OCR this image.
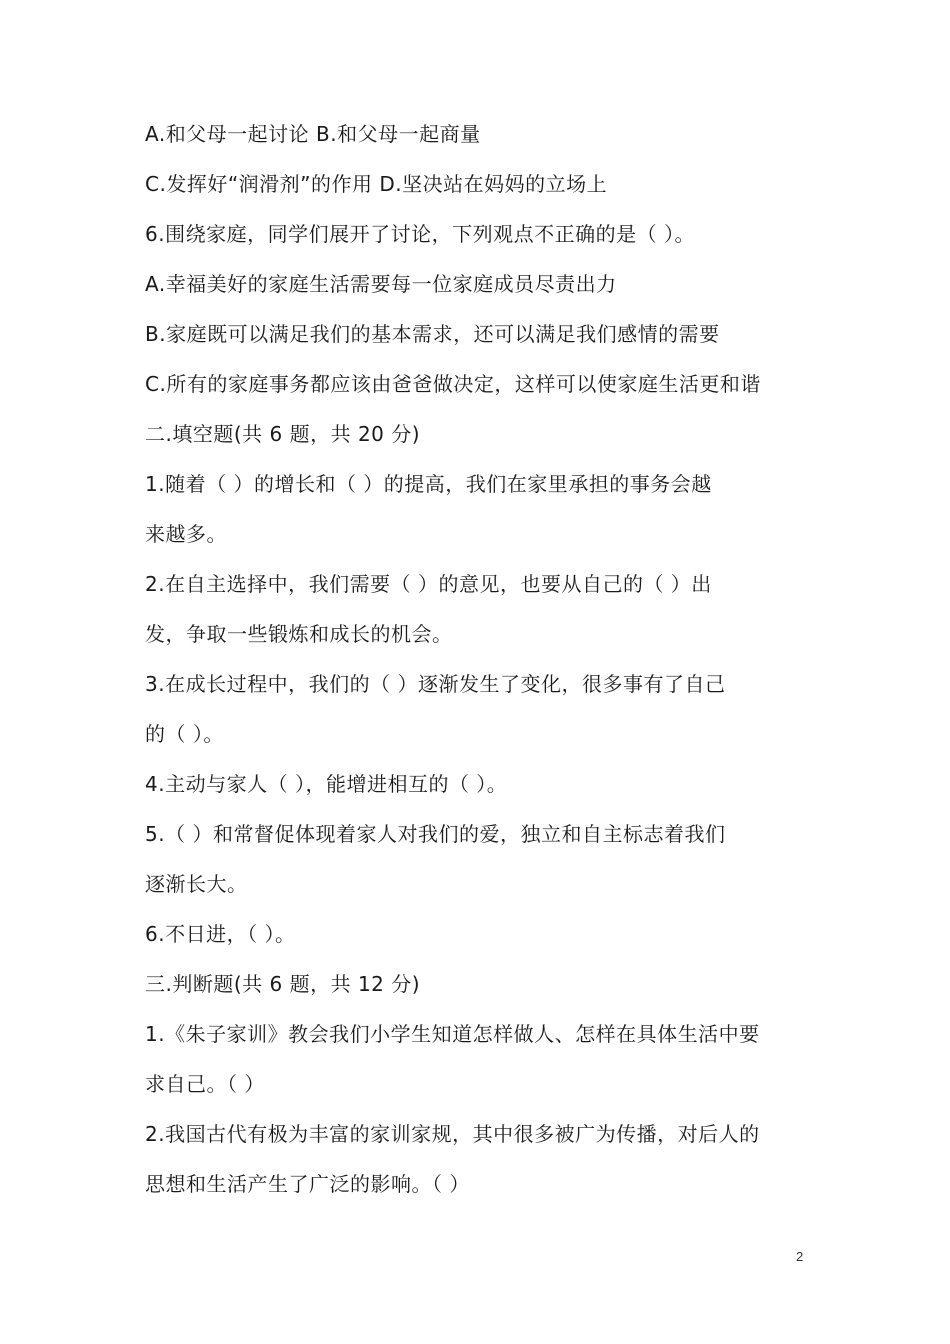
A.和父母一起讨论 B.和父母一起商量
C.发挥好“润滑剂”的作用 D.坚决站在妈妈的立场上
6.围绕家庭，同学们展开了讨论，下列观点不正确的是（ ）。
A.幸福美好的家庭生活需要每一位家庭成员尽责出力
B.家庭既可以满足我们的基本需求，还可以满足我们感情的需要
C.所有的家庭事务都应该由爸爸做决定，这样可以使家庭生活更和谐
二.填空题(共 6 题，共 20 分)
1.随着（ ）的增长和（ ）的提高，我们在家里承担的事务会越
来越多。
2.在自主选择中，我们需要（ ）的意见，也要从自己的（ ）出
发，争取一些锻炼和成长的机会。
3.在成长过程中，我们的（ ）逐渐发生了变化，很多事有了自己
的（ ）。
4.主动与家人（ ），能增进相互的（ ）。
5.（ ）和常督促体现着家人对我们的爱，独立和自主标志着我们
逐渐长大。
6.不日进，（ ）。
三.判断题(共 6 题，共 12 分)
1.《朱子家训》教会我们小学生知道怎样做人、怎样在具体生活中要
求自己。（ ）
2.我国古代有极为丰富的家训家规，其中很多被广为传播，对后人的
思想和生活产生了广泛的影响。（ ）
2
